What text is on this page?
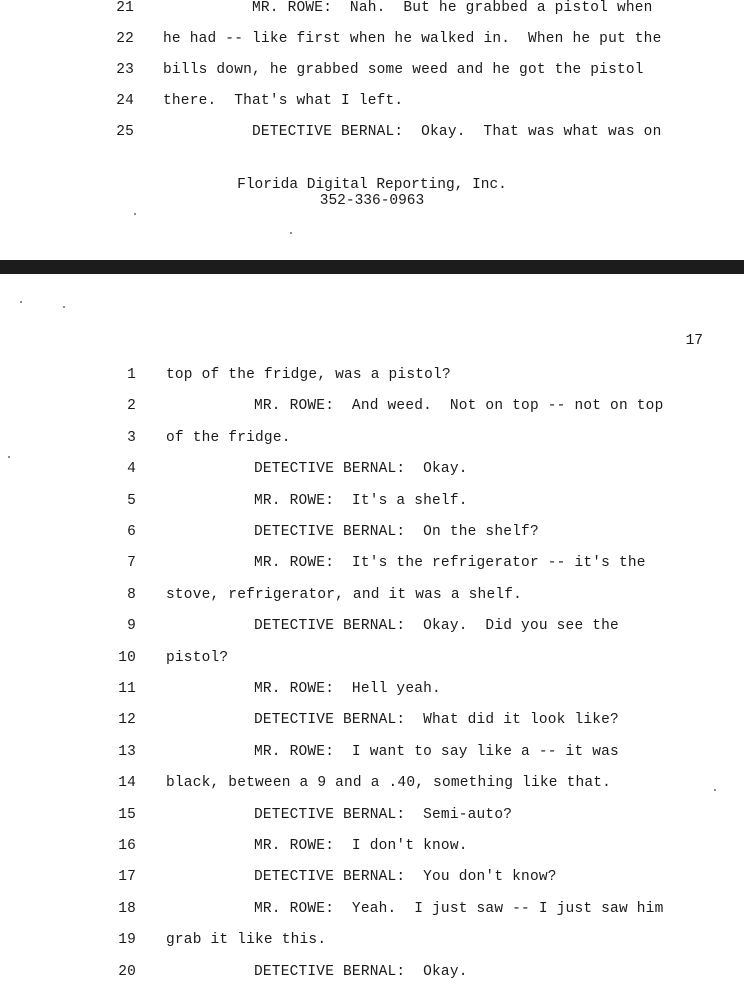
21	MR. ROWE:  Nah.  But he grabbed a pistol when
22 he had -- like first when he walked in.  When he put the
23 bills down, he grabbed some weed and he got the pistol
24 there.  That's what I left.
25	DETECTIVE BERNAL:  Okay.  That was what was on
Florida Digital Reporting, Inc.
352-336-0963
17
1 top of the fridge, was a pistol?
2	MR. ROWE:  And weed.  Not on top -- not on top
3 of the fridge.
4	DETECTIVE BERNAL:  Okay.
5	MR. ROWE:  It's a shelf.
6	DETECTIVE BERNAL:  On the shelf?
7	MR. ROWE:  It's the refrigerator -- it's the
8 stove, refrigerator, and it was a shelf.
9	DETECTIVE BERNAL:  Okay.  Did you see the
10 pistol?
11	MR. ROWE:  Hell yeah.
12	DETECTIVE BERNAL:  What did it look like?
13	MR. ROWE:  I want to say like a -- it was
14 black, between a 9 and a .40, something like that.
15	DETECTIVE BERNAL:  Semi-auto?
16	MR. ROWE:  I don't know.
17	DETECTIVE BERNAL:  You don't know?
18	MR. ROWE:  Yeah.  I just saw -- I just saw him
19 grab it like this.
20	DETECTIVE BERNAL:  Okay.
